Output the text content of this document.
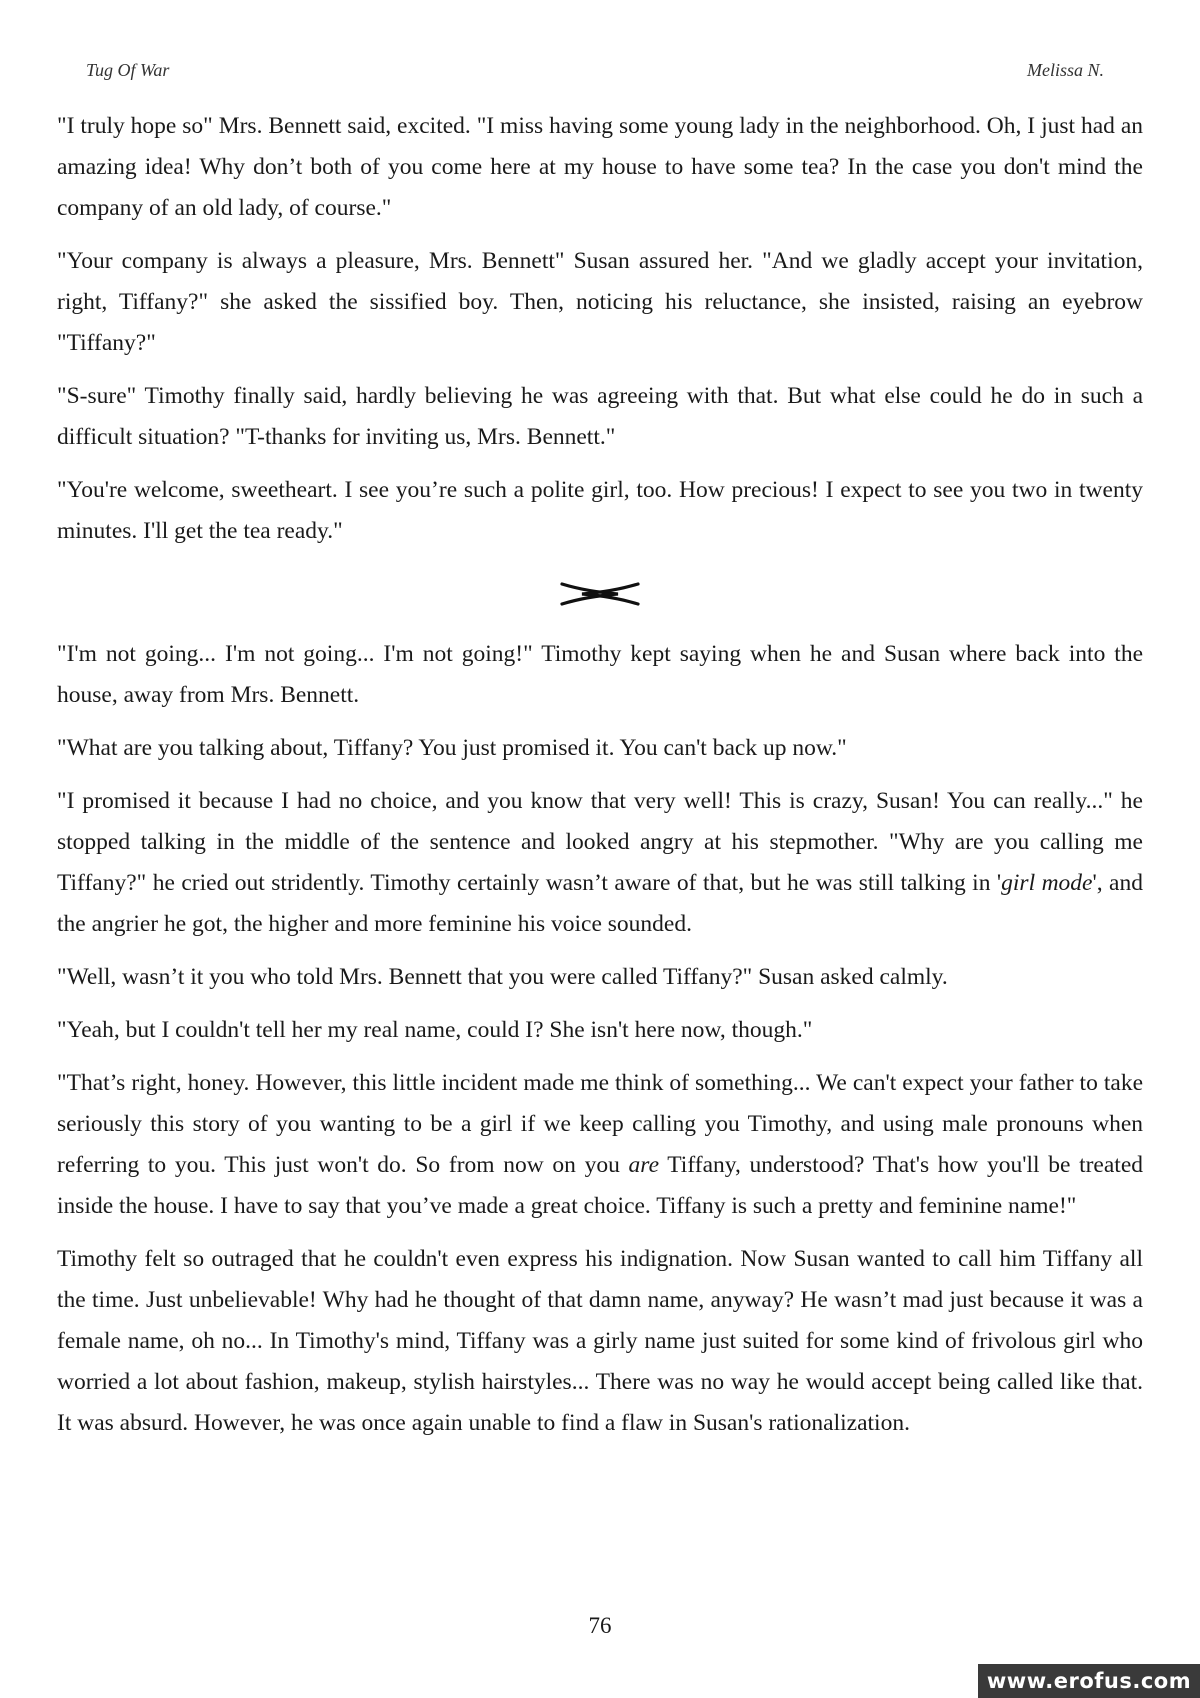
Tug Of War	Melissa N.

"I truly hope so" Mrs. Bennett said, excited. "I miss having some young lady in the neighborhood. Oh, I just had an amazing idea! Why don’t both of you come here at my house to have some tea? In the case you don't mind the company of an old lady, of course."

"Your company is always a pleasure, Mrs. Bennett" Susan assured her. "And we gladly accept your invitation, right, Tiffany?" she asked the sissified boy. Then, noticing his reluctance, she insisted, raising an eyebrow "Tiffany?"

"S-sure" Timothy finally said, hardly believing he was agreeing with that. But what else could he do in such a difficult situation? "T-thanks for inviting us, Mrs. Bennett."

"You're welcome, sweetheart. I see you’re such a polite girl, too. How precious! I expect to see you two in twenty minutes. I'll get the tea ready."

"I'm not going... I'm not going... I'm not going!" Timothy kept saying when he and Susan where back into the house, away from Mrs. Bennett.

"What are you talking about, Tiffany? You just promised it. You can't back up now."

"I promised it because I had no choice, and you know that very well! This is crazy, Susan! You can really..." he stopped talking in the middle of the sentence and looked angry at his stepmother. "Why are you calling me Tiffany?" he cried out stridently. Timothy certainly wasn’t aware of that, but he was still talking in 'girl mode', and the angrier he got, the higher and more feminine his voice sounded.

"Well, wasn’t it you who told Mrs. Bennett that you were called Tiffany?" Susan asked calmly.

"Yeah, but I couldn't tell her my real name, could I? She isn't here now, though."

"That’s right, honey. However, this little incident made me think of something... We can't expect your father to take seriously this story of you wanting to be a girl if we keep calling you Timothy, and using male pronouns when referring to you. This just won't do. So from now on you are Tiffany, understood? That's how you'll be treated inside the house. I have to say that you’ve made a great choice. Tiffany is such a pretty and feminine name!"

Timothy felt so outraged that he couldn't even express his indignation. Now Susan wanted to call him Tiffany all the time. Just unbelievable! Why had he thought of that damn name, anyway? He wasn’t mad just because it was a female name, oh no... In Timothy's mind, Tiffany was a girly name just suited for some kind of frivolous girl who worried a lot about fashion, makeup, stylish hairstyles... There was no way he would accept being called like that. It was absurd. However, he was once again unable to find a flaw in Susan's rationalization.

76
www.erofus.com
